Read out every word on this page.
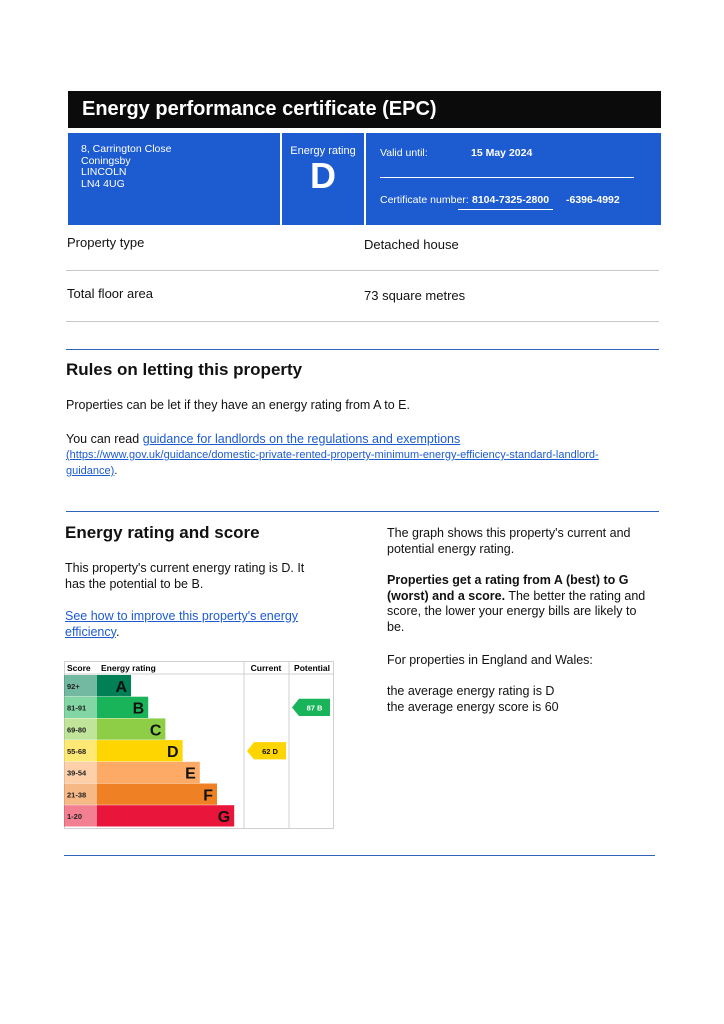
Energy performance certificate (EPC)
8, Carrington Close
Coningsby
LINCOLN
LN4 4UG
Energy rating
D
Valid until:	15 May 2024
Certificate number: 8104-7325-2800 -6396-4992
Property type	Detached house
Total floor area	73 square metres
Rules on letting this property
Properties can be let if they have an energy rating from A to E.
You can read guidance for landlords on the regulations and exemptions
(https://www.gov.uk/guidance/domestic-private-rented-property-minimum-energy-efficiency-standard-landlord-
guidance).
Energy rating and score
This property's current energy rating is D. It
has the potential to be B.
See how to improve this property's energy
efficiency.
The graph shows this property's current and
potential energy rating.
Properties get a rating from A (best) to G
(worst) and a score. The better the rating and
score, the lower your energy bills are likely to
be.
For properties in England and Wales:
the average energy rating is D
the average energy score is 60
Score Energy rating	Current Potential
92+ A
81-91	B
69-80	C
55-68	D
39-54	E
21-38	F
1-20	G
62 D
87 B
